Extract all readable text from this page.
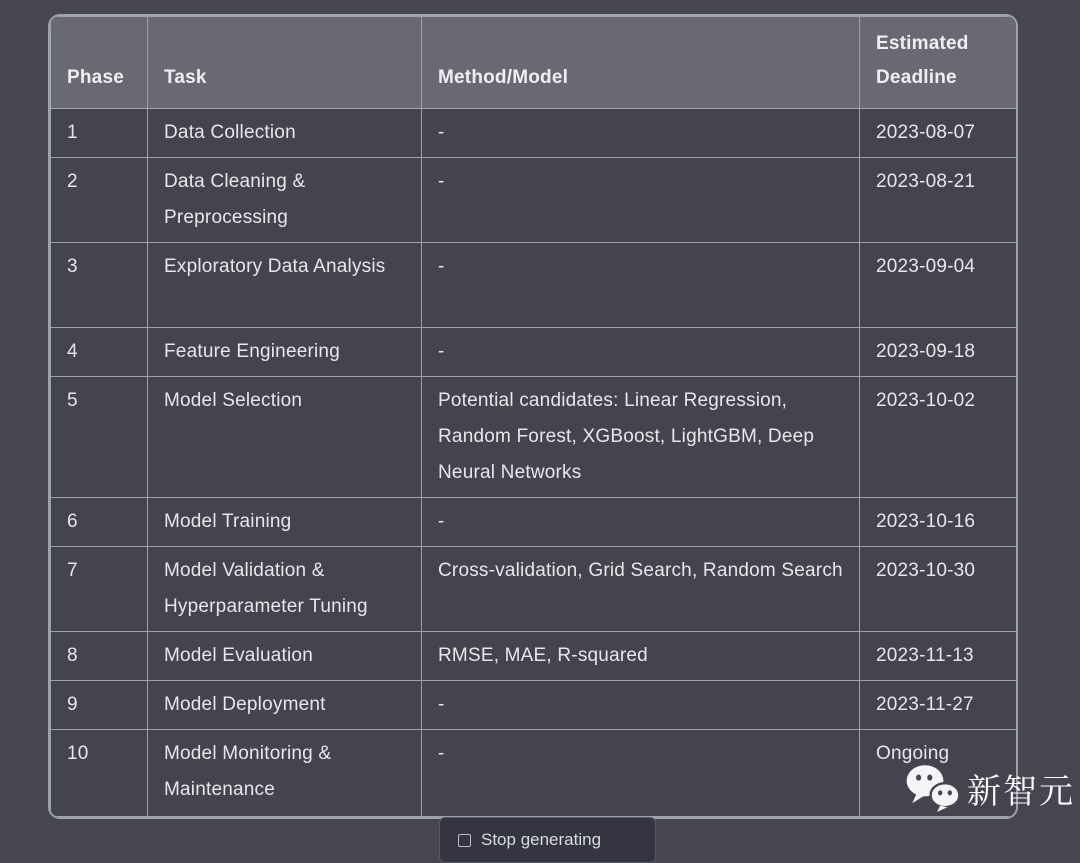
Phase	Task	Method/Model	Estimated Deadline
1	Data Collection	-	2023-08-07
2	Data Cleaning & Preprocessing	-	2023-08-21
3	Exploratory Data Analysis	-	2023-09-04
4	Feature Engineering	-	2023-09-18
5	Model Selection	Potential candidates: Linear Regression, Random Forest, XGBoost, LightGBM, Deep Neural Networks	2023-10-02
6	Model Training	-	2023-10-16
7	Model Validation & Hyperparameter Tuning	Cross-validation, Grid Search, Random Search	2023-10-30
8	Model Evaluation	RMSE, MAE, R-squared	2023-11-13
9	Model Deployment	-	2023-11-27
10	Model Monitoring & Maintenance	-	Ongoing
Stop generating
新智元
